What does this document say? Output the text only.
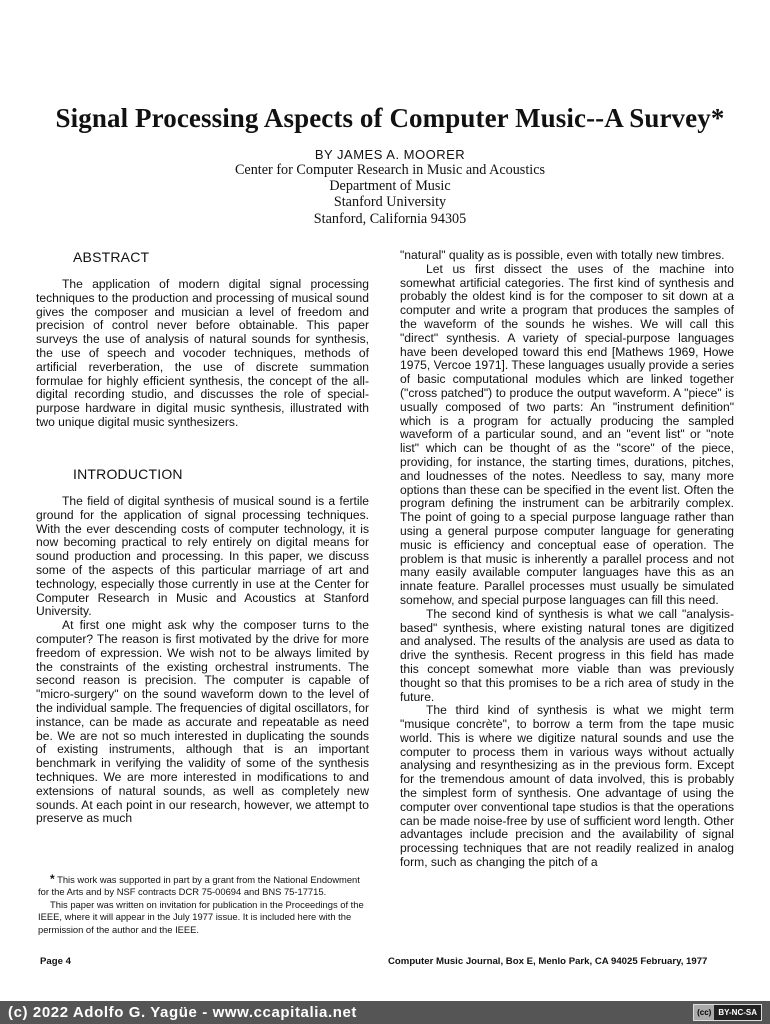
Signal Processing Aspects of Computer Music--A Survey*
BY JAMES A. MOORER
Center for Computer Research in Music and Acoustics
Department of Music
Stanford University
Stanford, California 94305
ABSTRACT

The application of modern digital signal processing techniques to the production and processing of musical sound gives the composer and musician a level of freedom and precision of control never before obtainable. This paper surveys the use of analysis of natural sounds for synthesis, the use of speech and vocoder techniques, methods of artificial reverberation, the use of discrete summation formulae for highly efficient synthesis, the concept of the all-digital recording studio, and discusses the role of special-purpose hardware in digital music synthesis, illustrated with two unique digital music synthesizers.

INTRODUCTION

The field of digital synthesis of musical sound is a fertile ground for the application of signal processing techniques. With the ever descending costs of computer technology, it is now becoming practical to rely entirely on digital means for sound production and processing. In this paper, we discuss some of the aspects of this particular marriage of art and technology, especially those currently in use at the Center for Computer Research in Music and Acoustics at Stanford University.

At first one might ask why the composer turns to the computer? The reason is first motivated by the drive for more freedom of expression. We wish not to be always limited by the constraints of the existing orchestral instruments. The second reason is precision. The computer is capable of "micro-surgery" on the sound waveform down to the level of the individual sample. The frequencies of digital oscillators, for instance, can be made as accurate and repeatable as need be. We are not so much interested in duplicating the sounds of existing instruments, although that is an important benchmark in verifying the validity of some of the synthesis techniques. We are more interested in modifications to and extensions of natural sounds, as well as completely new sounds. At each point in our research, however, we attempt to preserve as much

"natural" quality as is possible, even with totally new timbres.

Let us first dissect the uses of the machine into somewhat artificial categories. The first kind of synthesis and probably the oldest kind is for the composer to sit down at a computer and write a program that produces the samples of the waveform of the sounds he wishes. We will call this "direct" synthesis. A variety of special-purpose languages have been developed toward this end [Mathews 1969, Howe 1975, Vercoe 1971]. These languages usually provide a series of basic computational modules which are linked together ("cross patched") to produce the output waveform. A "piece" is usually composed of two parts: An "instrument definition" which is a program for actually producing the sampled waveform of a particular sound, and an "event list" or "note list" which can be thought of as the "score" of the piece, providing, for instance, the starting times, durations, pitches, and loudnesses of the notes. Needless to say, many more options than these can be specified in the event list. Often the program defining the instrument can be arbitrarily complex. The point of going to a special purpose language rather than using a general purpose computer language for generating music is efficiency and conceptual ease of operation. The problem is that music is inherently a parallel process and not many easily available computer languages have this as an innate feature. Parallel processes must usually be simulated somehow, and special purpose languages can fill this need.

The second kind of synthesis is what we call "analysis-based" synthesis, where existing natural tones are digitized and analysed. The results of the analysis are used as data to drive the synthesis. Recent progress in this field has made this concept somewhat more viable than was previously thought so that this promises to be a rich area of study in the future.

The third kind of synthesis is what we might term "musique concrète", to borrow a term from the tape music world. This is where we digitize natural sounds and use the computer to process them in various ways without actually analysing and resynthesizing as in the previous form. Except for the tremendous amount of data involved, this is probably the simplest form of synthesis. One advantage of using the computer over conventional tape studios is that the operations can be made noise-free by use of sufficient word length. Other advantages include precision and the availability of signal processing techniques that are not readily realized in analog form, such as changing the pitch of a

* This work was supported in part by a grant from the National Endowment for the Arts and by NSF contracts DCR 75-00694 and BNS 75-17715.

This paper was written on invitation for publication in the Proceedings of the IEEE, where it will appear in the July 1977 issue. It is included here with the permission of the author and the IEEE.

Page 4	Computer Music Journal, Box E, Menlo Park, CA 94025 February, 1977
(c) 2022 Adolfo G. Yagüe - www.ccapitalia.net	(cc) BY-NC-SA
